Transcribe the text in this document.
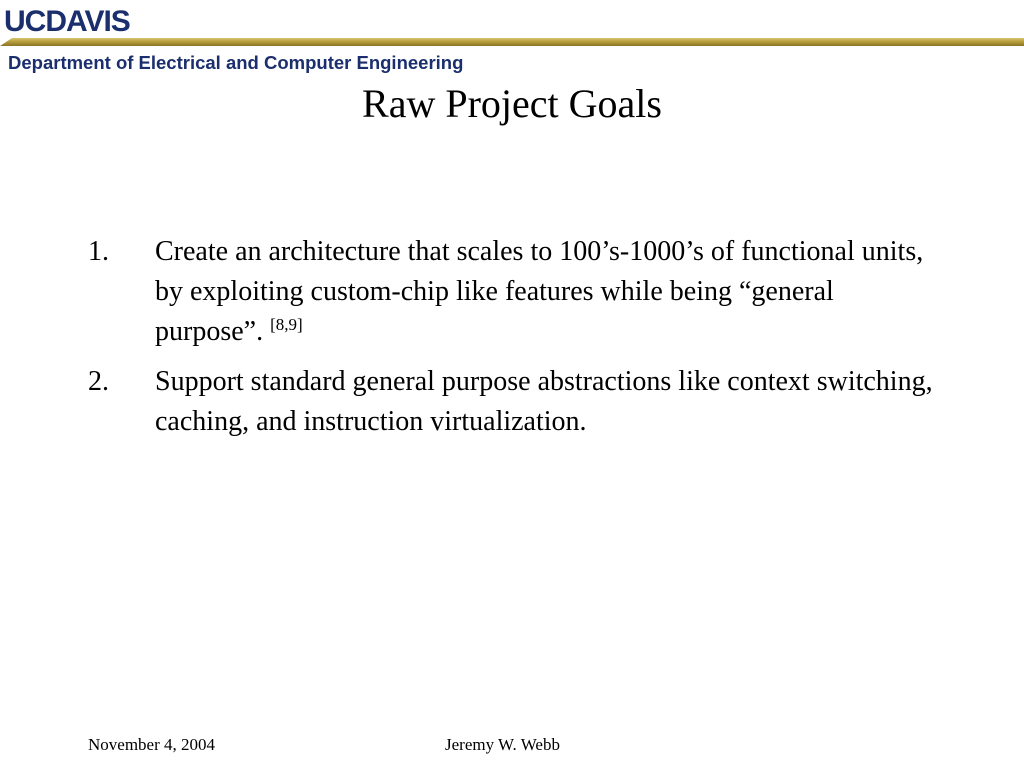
UCDAVIS
Department of Electrical and Computer Engineering
Raw Project Goals
1. Create an architecture that scales to 100’s-1000’s of functional units, by exploiting custom-chip like features while being “general purpose”. [8,9]
2. Support standard general purpose abstractions like context switching, caching, and instruction virtualization.
November 4, 2004	Jeremy W. Webb
